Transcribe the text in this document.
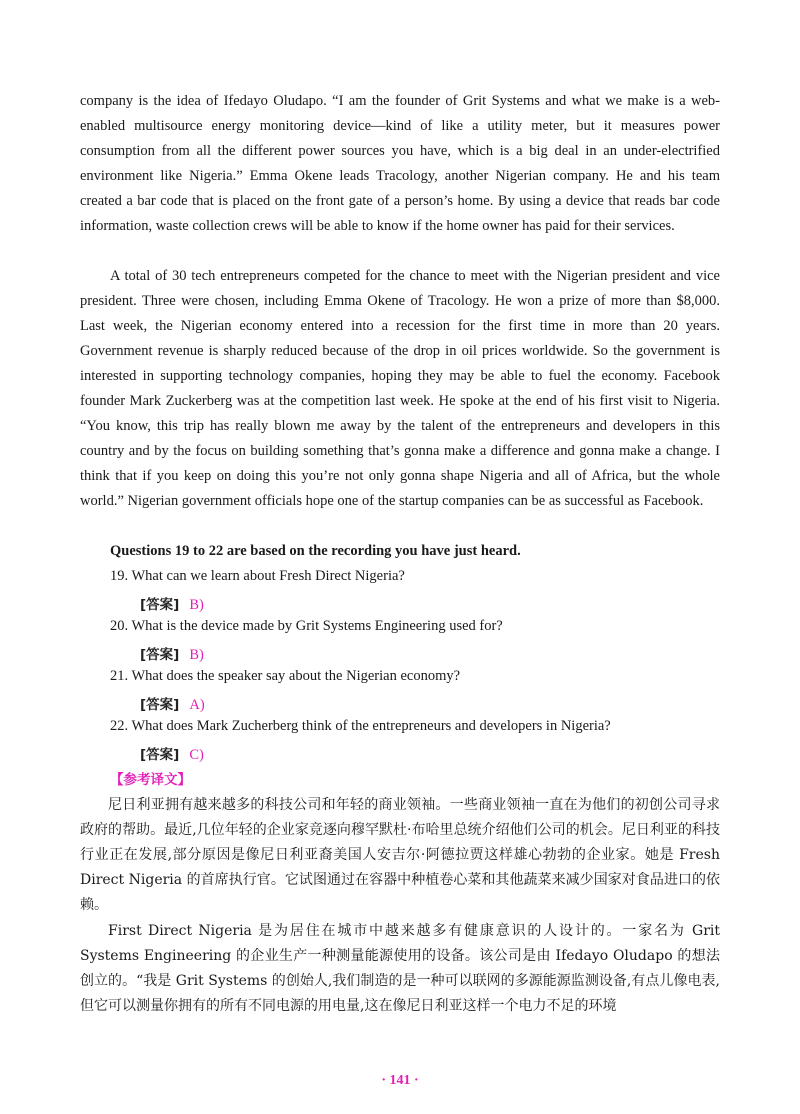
company is the idea of Ifedayo Oludapo. “I am the founder of Grit Systems and what we make is a web-enabled multisource energy monitoring device—kind of like a utility meter, but it measures power consumption from all the different power sources you have, which is a big deal in an under-electrified environment like Nigeria.” Emma Okene leads Tracology, another Nigerian company. He and his team created a bar code that is placed on the front gate of a person’s home. By using a device that reads bar code information, waste collection crews will be able to know if the home owner has paid for their services.

A total of 30 tech entrepreneurs competed for the chance to meet with the Nigerian president and vice president. Three were chosen, including Emma Okene of Tracology. He won a prize of more than $8,000. Last week, the Nigerian economy entered into a recession for the first time in more than 20 years. Government revenue is sharply reduced because of the drop in oil prices worldwide. So the government is interested in supporting technology companies, hoping they may be able to fuel the economy. Facebook founder Mark Zuckerberg was at the competition last week. He spoke at the end of his first visit to Nigeria. “You know, this trip has really blown me away by the talent of the entrepreneurs and developers in this country and by the focus on building something that’s gonna make a difference and gonna make a change. I think that if you keep on doing this you’re not only gonna shape Nigeria and all of Africa, but the whole world.” Nigerian government officials hope one of the startup companies can be as successful as Facebook.

Questions 19 to 22 are based on the recording you have just heard.

19. What can we learn about Fresh Direct Nigeria?

[答案] B)

20. What is the device made by Grit Systems Engineering used for?

[答案] B)

21. What does the speaker say about the Nigerian economy?

[答案] A)

22. What does Mark Zucherberg think of the entrepreneurs and developers in Nigeria?

[答案] C)

【参考译文】

尼日利亚拥有越来越多的科技公司和年轻的商业领袖。一些商业领袖一直在为他们的初创公司寻求政府的帮助。最近,几位年轻的企业家竞逐向穆罕默杜·布哈里总统介绍他们公司的机会。尼日利亚的科技行业正在发展,部分原因是像尼日利亚裔美国人安吉尔·阿德拉贾这样雄心勃勃的企业家。她是 Fresh Direct Nigeria 的首席执行官。它试图通过在容器中种植卷心菜和其他蔬菜来减少国家对食品进口的依赖。

First Direct Nigeria 是为居住在城市中越来越多有健康意识的人设计的。一家名为 Grit Systems Engineering 的企业生产一种测量能源使用的设备。该公司是由 Ifedayo Oludapo 的想法创立的。“我是 Grit Systems 的创始人,我们制造的是一种可以联网的多源能源监测设备,有点儿像电表,但它可以测量你拥有的所有不同电源的用电量,这在像尼日利亚这样一个电力不足的环境

· 141 ·
